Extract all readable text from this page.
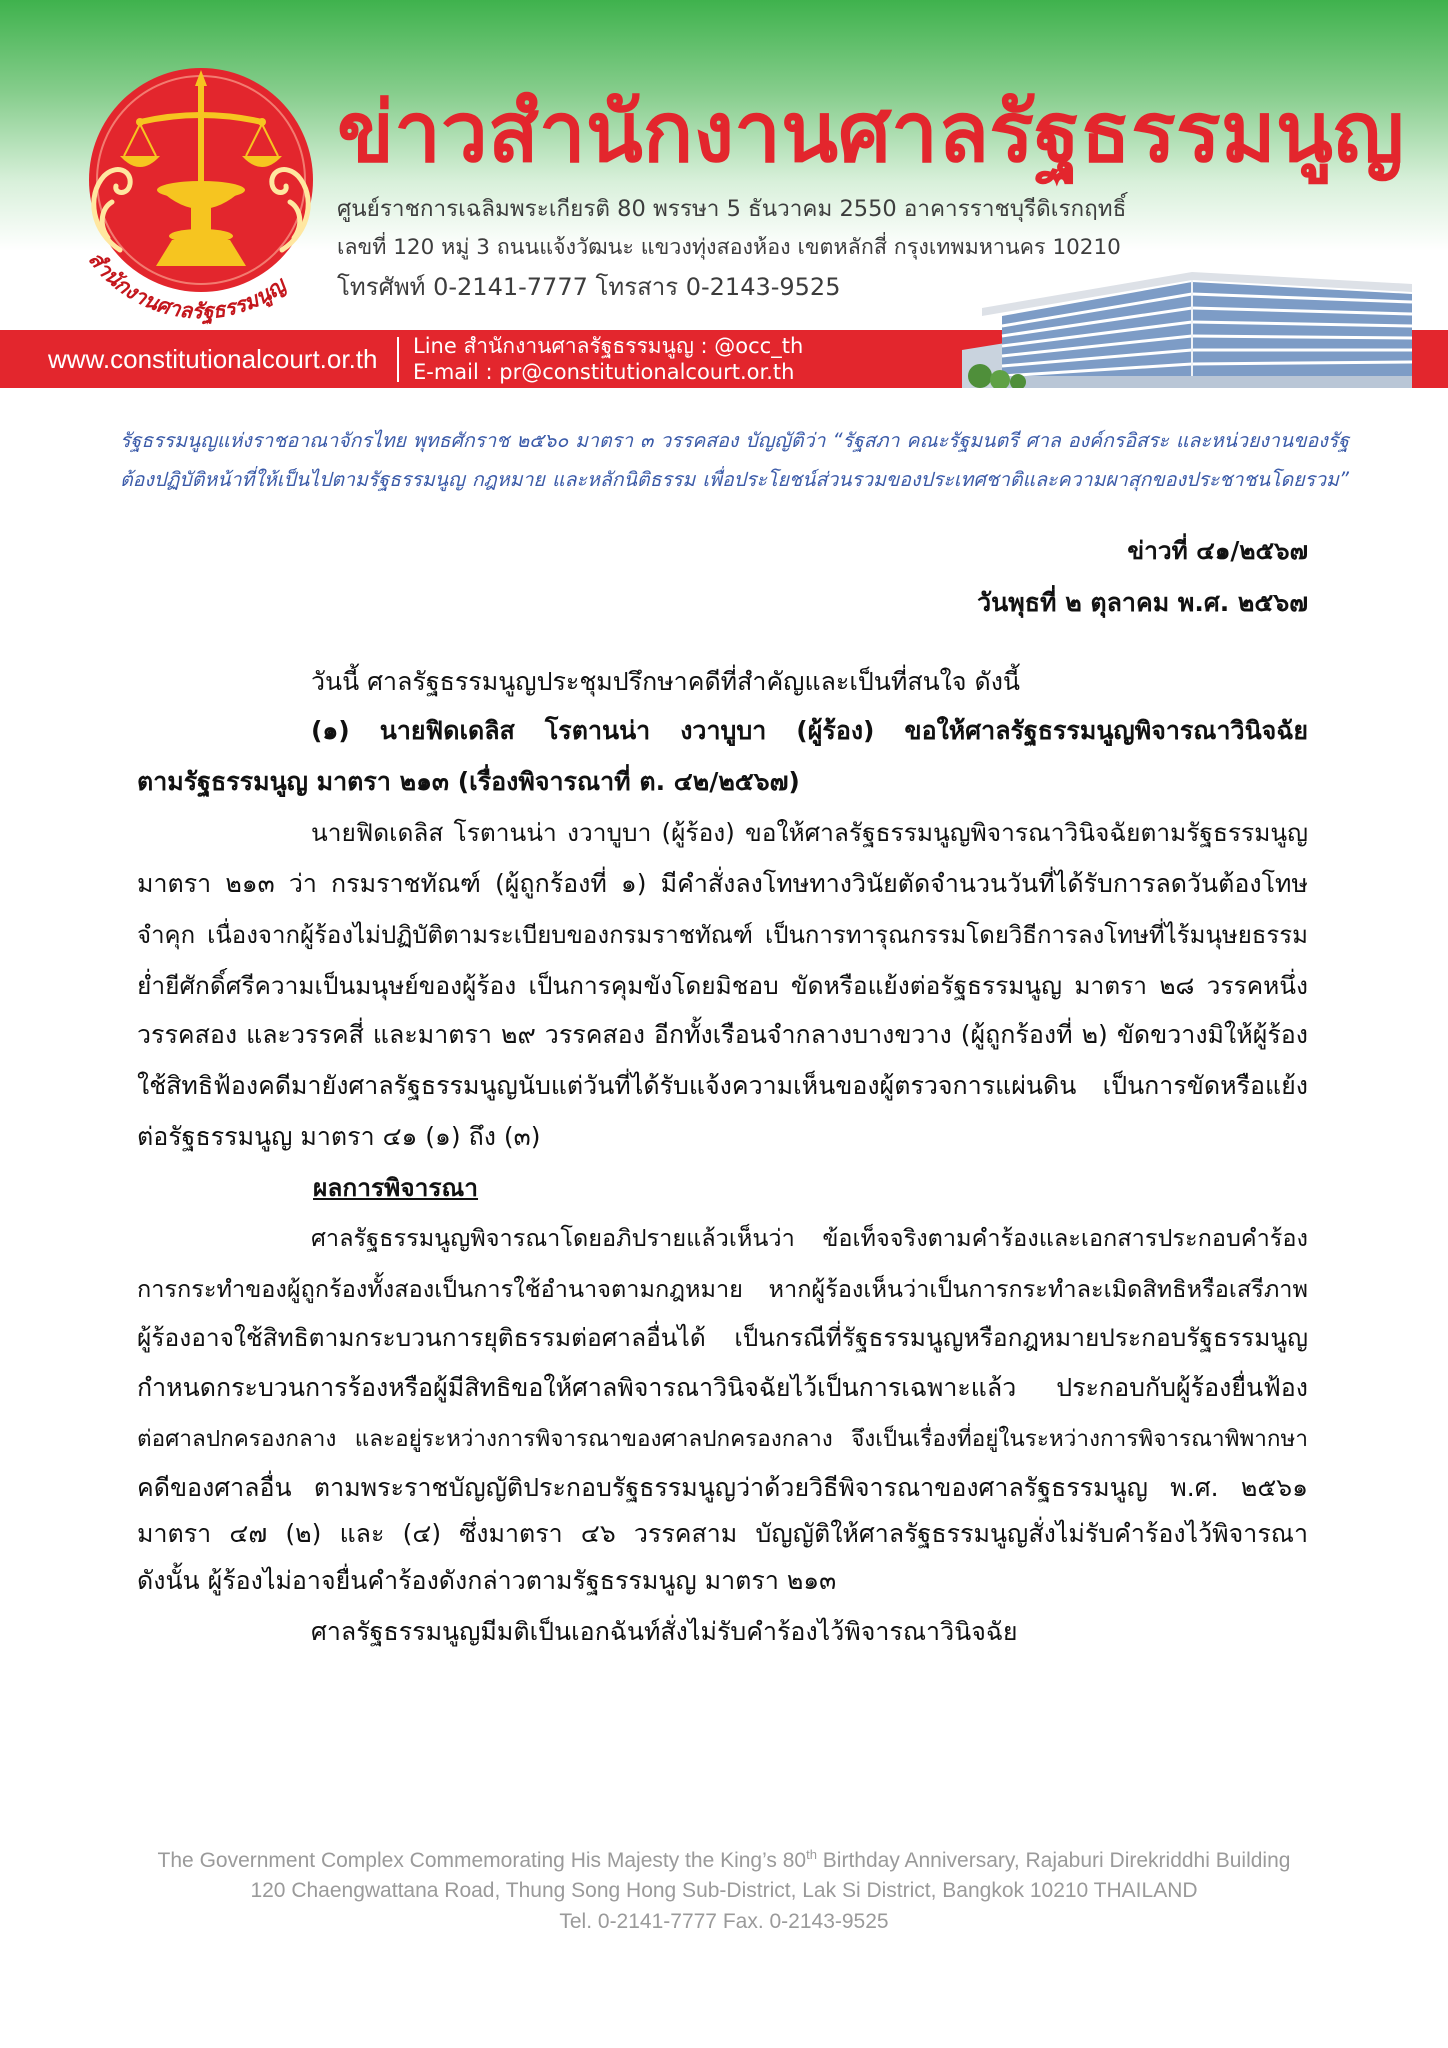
สำนักงานศาลรัฐธรรมนูญ
ข่าวสำนักงานศาลรัฐธรรมนูญ
ศูนย์ราชการเฉลิมพระเกียรติ 80 พรรษา 5 ธันวาคม 2550 อาคารราชบุรีดิเรกฤทธิ์
เลขที่ 120 หมู่ 3 ถนนแจ้งวัฒนะ แขวงทุ่งสองห้อง เขตหลักสี่ กรุงเทพมหานคร 10210
โทรศัพท์ 0-2141-7777 โทรสาร 0-2143-9525
www.constitutionalcourt.or.th	Line สำนักงานศาลรัฐธรรมนูญ : @occ_th
E-mail : pr@constitutionalcourt.or.th
รัฐธรรมนูญแห่งราชอาณาจักรไทย พุทธศักราช ๒๕๖๐ มาตรา ๓ วรรคสอง บัญญัติว่า “รัฐสภา คณะรัฐมนตรี ศาล องค์กรอิสระ และหน่วยงานของรัฐ
ต้องปฏิบัติหน้าที่ให้เป็นไปตามรัฐธรรมนูญ กฎหมาย และหลักนิติธรรม เพื่อประโยชน์ส่วนรวมของประเทศชาติและความผาสุกของประชาชนโดยรวม”
ข่าวที่ ๔๑/๒๕๖๗
วันพุธที่ ๒ ตุลาคม พ.ศ. ๒๕๖๗
วันนี้ ศาลรัฐธรรมนูญประชุมปรึกษาคดีที่สำคัญและเป็นที่สนใจ ดังนี้
(๑) นายฟิดเดลิส โรตานน่า งวาบูบา (ผู้ร้อง) ขอให้ศาลรัฐธรรมนูญพิจารณาวินิจฉัย
ตามรัฐธรรมนูญ มาตรา ๒๑๓ (เรื่องพิจารณาที่ ต. ๔๒/๒๕๖๗)
นายฟิดเดลิส โรตานน่า งวาบูบา (ผู้ร้อง) ขอให้ศาลรัฐธรรมนูญพิจารณาวินิจฉัยตามรัฐธรรมนูญ
มาตรา ๒๑๓ ว่า กรมราชทัณฑ์ (ผู้ถูกร้องที่ ๑) มีคำสั่งลงโทษทางวินัยตัดจำนวนวันที่ได้รับการลดวันต้องโทษ
จำคุก เนื่องจากผู้ร้องไม่ปฏิบัติตามระเบียบของกรมราชทัณฑ์ เป็นการทารุณกรรมโดยวิธีการลงโทษที่ไร้มนุษยธรรม
ย่ำยีศักดิ์ศรีความเป็นมนุษย์ของผู้ร้อง เป็นการคุมขังโดยมิชอบ ขัดหรือแย้งต่อรัฐธรรมนูญ มาตรา ๒๘ วรรคหนึ่ง
วรรคสอง และวรรคสี่ และมาตรา ๒๙ วรรคสอง อีกทั้งเรือนจำกลางบางขวาง (ผู้ถูกร้องที่ ๒) ขัดขวางมิให้ผู้ร้อง
ใช้สิทธิฟ้องคดีมายังศาลรัฐธรรมนูญนับแต่วันที่ได้รับแจ้งความเห็นของผู้ตรวจการแผ่นดิน เป็นการขัดหรือแย้ง
ต่อรัฐธรรมนูญ มาตรา ๔๑ (๑) ถึง (๓)
ผลการพิจารณา
ศาลรัฐธรรมนูญพิจารณาโดยอภิปรายแล้วเห็นว่า ข้อเท็จจริงตามคำร้องและเอกสารประกอบคำร้อง
การกระทำของผู้ถูกร้องทั้งสองเป็นการใช้อำนาจตามกฎหมาย หากผู้ร้องเห็นว่าเป็นการกระทำละเมิดสิทธิหรือเสรีภาพ
ผู้ร้องอาจใช้สิทธิตามกระบวนการยุติธรรมต่อศาลอื่นได้ เป็นกรณีที่รัฐธรรมนูญหรือกฎหมายประกอบรัฐธรรมนูญ
กำหนดกระบวนการร้องหรือผู้มีสิทธิขอให้ศาลพิจารณาวินิจฉัยไว้เป็นการเฉพาะแล้ว ประกอบกับผู้ร้องยื่นฟ้อง
ต่อศาลปกครองกลาง และอยู่ระหว่างการพิจารณาของศาลปกครองกลาง จึงเป็นเรื่องที่อยู่ในระหว่างการพิจารณาพิพากษา
คดีของศาลอื่น ตามพระราชบัญญัติประกอบรัฐธรรมนูญว่าด้วยวิธีพิจารณาของศาลรัฐธรรมนูญ พ.ศ. ๒๕๖๑
มาตรา ๔๗ (๒) และ (๔) ซึ่งมาตรา ๔๖ วรรคสาม บัญญัติให้ศาลรัฐธรรมนูญสั่งไม่รับคำร้องไว้พิจารณา
ดังนั้น ผู้ร้องไม่อาจยื่นคำร้องดังกล่าวตามรัฐธรรมนูญ มาตรา ๒๑๓
ศาลรัฐธรรมนูญมีมติเป็นเอกฉันท์สั่งไม่รับคำร้องไว้พิจารณาวินิจฉัย
The Government Complex Commemorating His Majesty the King’s 80th Birthday Anniversary, Rajaburi Direkriddhi Building
120 Chaengwattana Road, Thung Song Hong Sub-District, Lak Si District, Bangkok 10210 THAILAND
Tel. 0-2141-7777 Fax. 0-2143-9525
